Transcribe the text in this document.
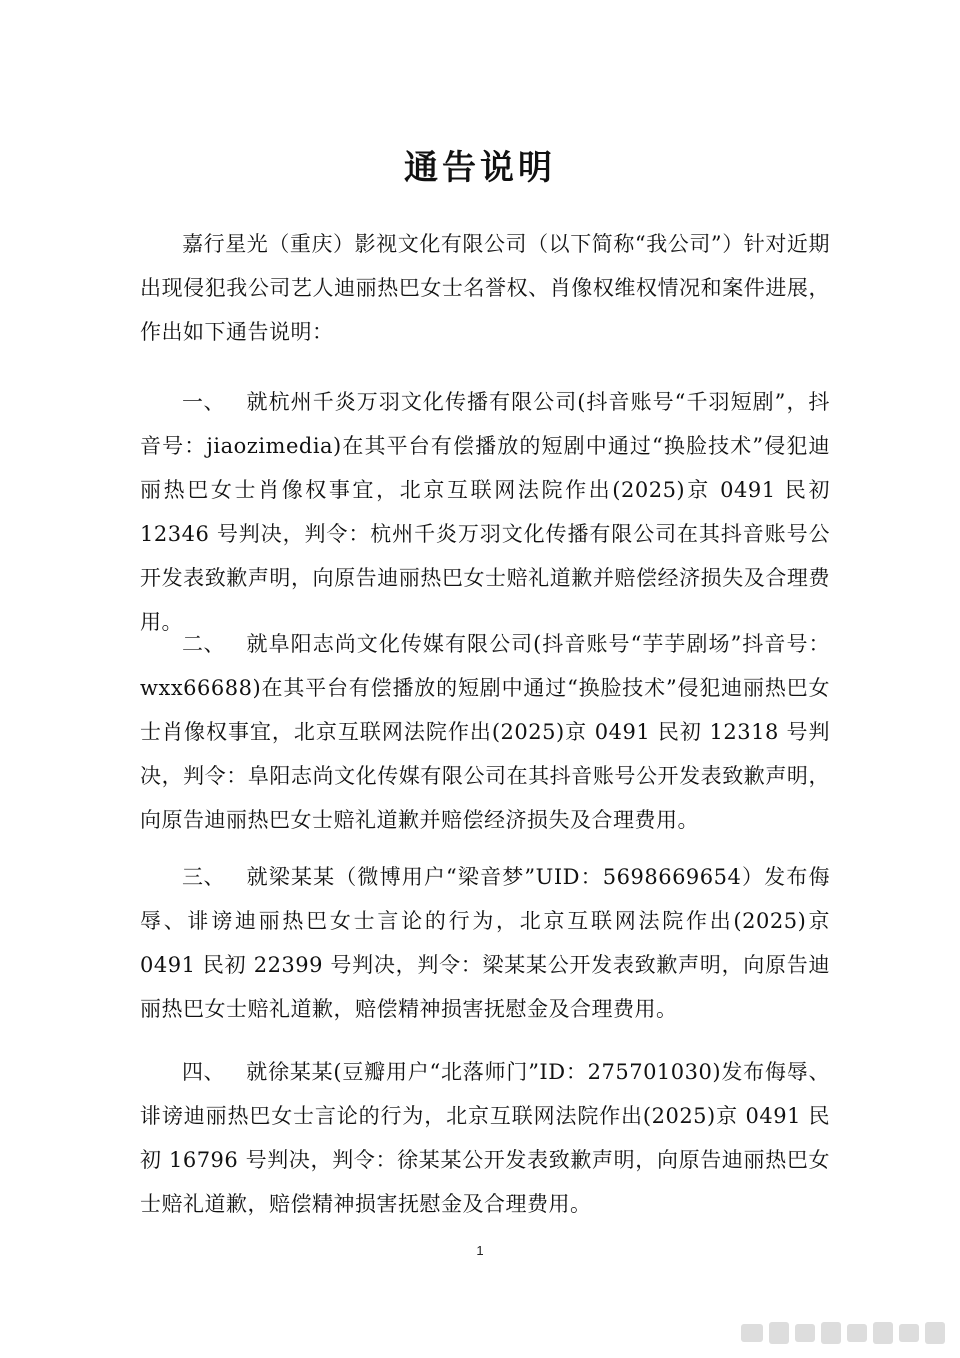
通告说明

嘉行星光（重庆）影视文化有限公司（以下简称“我公司”）针对近期出现侵犯我公司艺人迪丽热巴女士名誉权、肖像权维权情况和案件进展，作出如下通告说明：

一、 就杭州千炎万羽文化传播有限公司(抖音账号“千羽短剧”，抖音号：jiaozimedia)在其平台有偿播放的短剧中通过“换脸技术”侵犯迪丽热巴女士肖像权事宜，北京互联网法院作出(2025)京 0491 民初 12346 号判决，判令：杭州千炎万羽文化传播有限公司在其抖音账号公开发表致歉声明，向原告迪丽热巴女士赔礼道歉并赔偿经济损失及合理费用。

二、 就阜阳志尚文化传媒有限公司(抖音账号“芋芋剧场”抖音号：wxx66688)在其平台有偿播放的短剧中通过“换脸技术”侵犯迪丽热巴女士肖像权事宜，北京互联网法院作出(2025)京 0491 民初 12318 号判决，判令：阜阳志尚文化传媒有限公司在其抖音账号公开发表致歉声明，向原告迪丽热巴女士赔礼道歉并赔偿经济损失及合理费用。

三、 就梁某某（微博用户“梁音梦”UID：5698669654）发布侮辱、诽谤迪丽热巴女士言论的行为，北京互联网法院作出(2025)京 0491 民初 22399 号判决，判令：梁某某公开发表致歉声明，向原告迪丽热巴女士赔礼道歉，赔偿精神损害抚慰金及合理费用。

四、 就徐某某(豆瓣用户“北落师门”ID：275701030)发布侮辱、诽谤迪丽热巴女士言论的行为，北京互联网法院作出(2025)京 0491 民初 16796 号判决，判令：徐某某公开发表致歉声明，向原告迪丽热巴女士赔礼道歉，赔偿精神损害抚慰金及合理费用。

1
